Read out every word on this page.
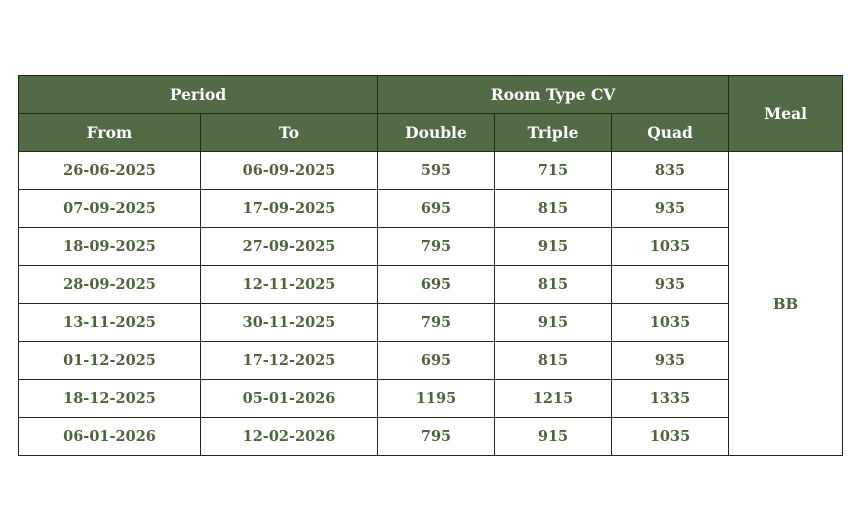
Period		Room Type CV			Meal
From	To	Double	Triple	Quad	
26-06-2025	06-09-2025	595	715	835	BB
07-09-2025	17-09-2025	695	815	935	
18-09-2025	27-09-2025	795	915	1035	
28-09-2025	12-11-2025	695	815	935	
13-11-2025	30-11-2025	795	915	1035	
01-12-2025	17-12-2025	695	815	935	
18-12-2025	05-01-2026	1195	1215	1335	
06-01-2026	12-02-2026	795	915	1035	
